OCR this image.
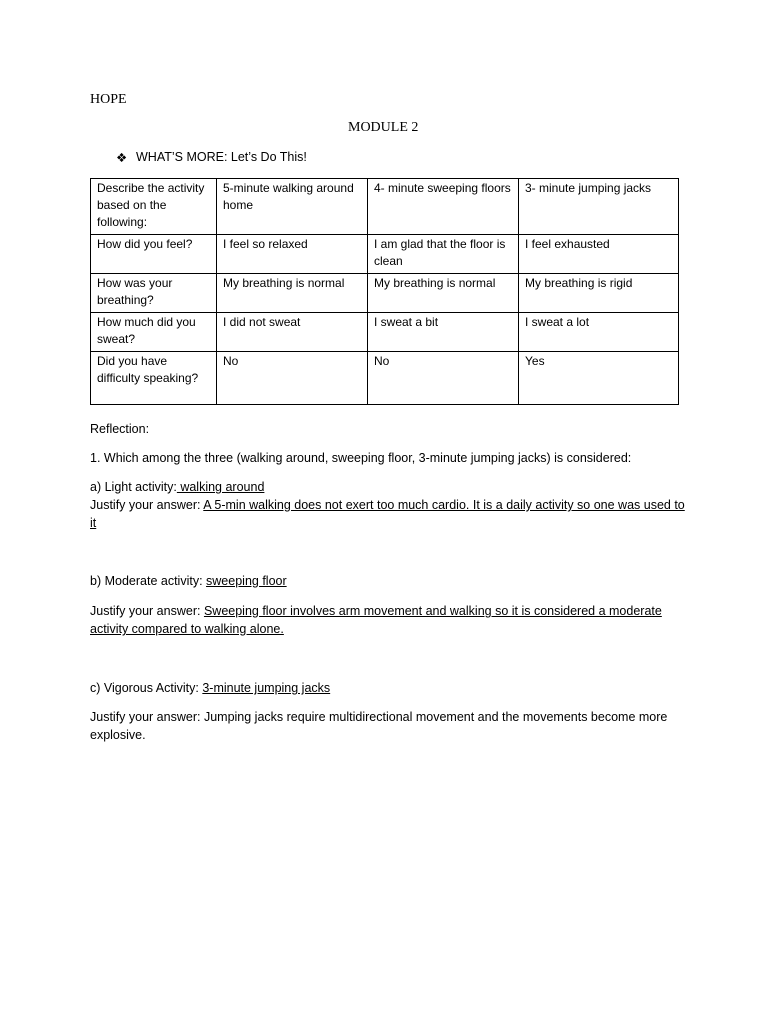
HOPE
MODULE 2
❖ WHAT’S MORE: Let’s Do This!
Describe the activity based on the following:	5-minute walking around home	4- minute sweeping floors	3- minute jumping jacks
How did you feel?	I feel so relaxed	I am glad that the floor is clean	I feel exhausted
How was your breathing?	My breathing is normal	My breathing is normal	My breathing is rigid
How much did you sweat?	I did not sweat	I sweat a bit	I sweat a lot
Did you have difficulty speaking?	No	No	Yes
Reflection:
1. Which among the three (walking around, sweeping floor, 3-minute jumping jacks) is considered:
a) Light activity: walking around
Justify your answer: A 5-min walking does not exert too much cardio. It is a daily activity so one was used to it
b) Moderate activity: sweeping floor
Justify your answer: Sweeping floor involves arm movement and walking so it is considered a moderate activity compared to walking alone.
c) Vigorous Activity: 3-minute jumping jacks
Justify your answer: Jumping jacks require multidirectional movement and the movements become more explosive.
